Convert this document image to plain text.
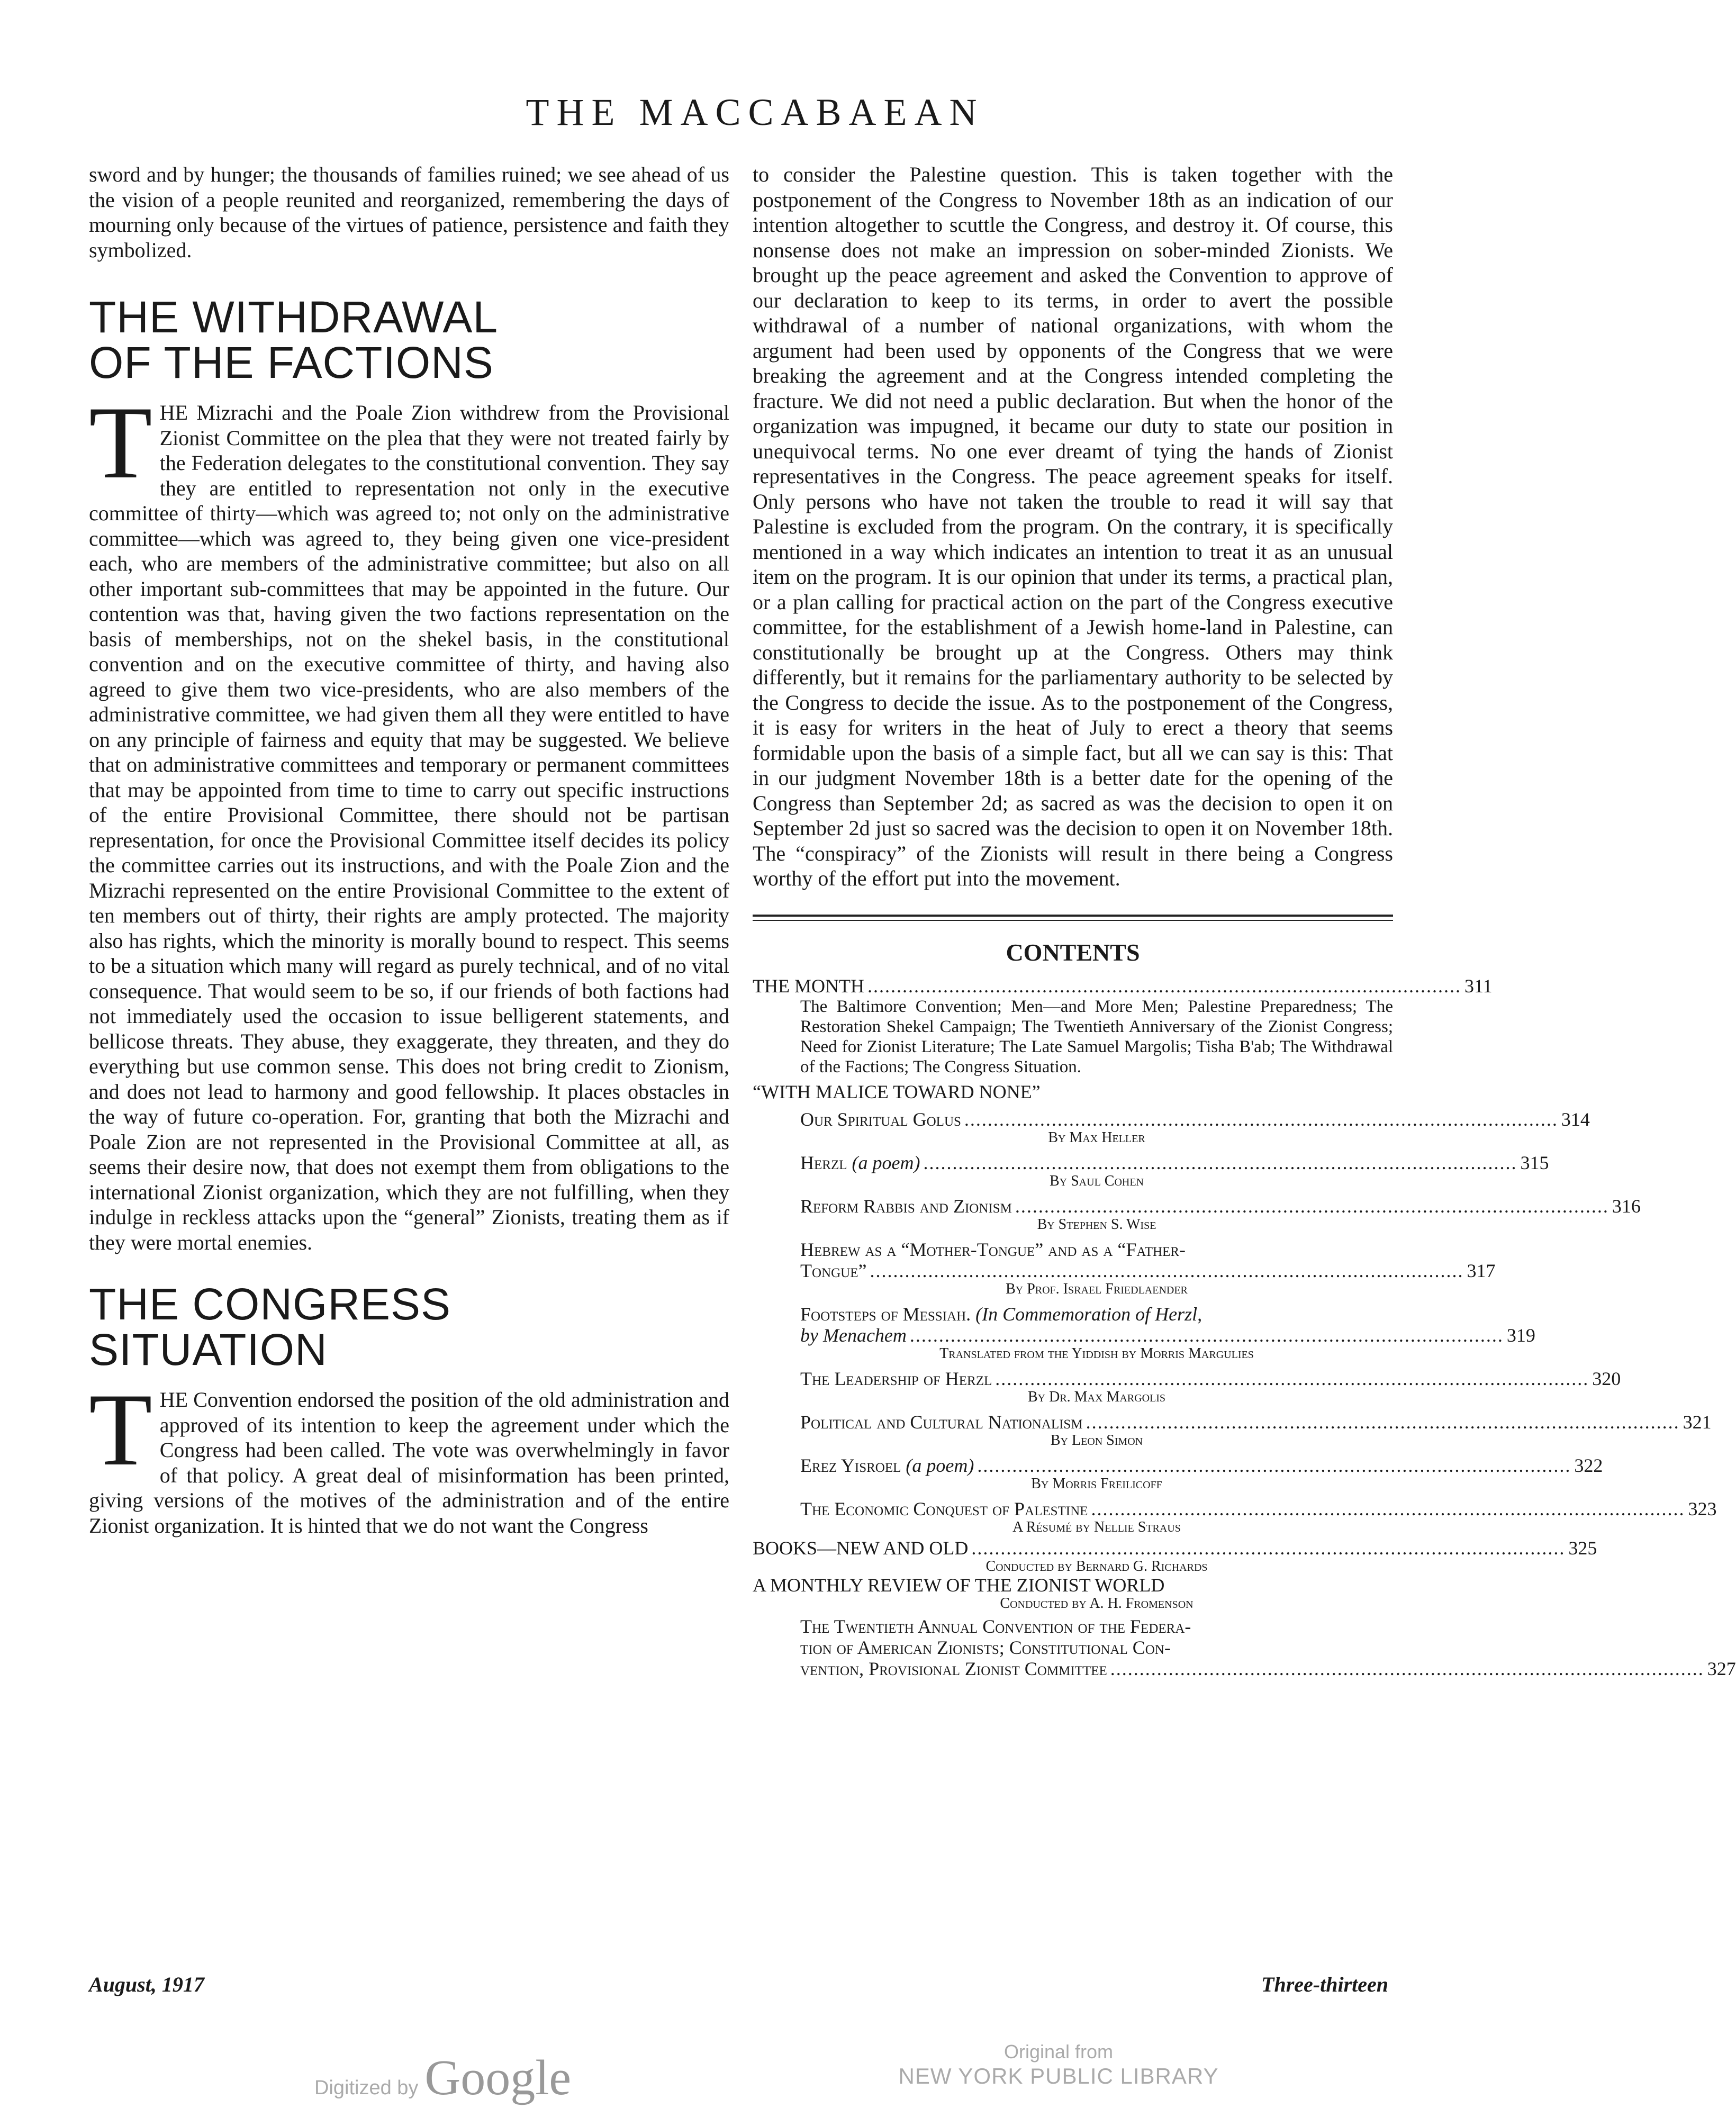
THE MACCABAEAN

sword and by hunger; the thousands of families ruined; we see ahead of us the vision of a people reunited and reorganized, remembering the days of mourning only because of the virtues of patience, persistence and faith they symbolized.

THE WITHDRAWAL
OF THE FACTIONS

THE Mizrachi and the Poale Zion withdrew from the Provisional Zionist Committee on the plea that they were not treated fairly by the Federation delegates to the constitutional convention. They say they are entitled to representation not only in the executive committee of thirty—which was agreed to; not only on the administrative committee—which was agreed to, they being given one vice-president each, who are members of the administrative committee; but also on all other important sub-committees that may be appointed in the future. Our contention was that, having given the two factions representation on the basis of memberships, not on the shekel basis, in the constitutional convention and on the executive committee of thirty, and having also agreed to give them two vice-presidents, who are also members of the administrative committee, we had given them all they were entitled to have on any principle of fairness and equity that may be suggested. We believe that on administrative committees and temporary or permanent committees that may be appointed from time to time to carry out specific instructions of the entire Provisional Committee, there should not be partisan representation, for once the Provisional Committee itself decides its policy the committee carries out its instructions, and with the Poale Zion and the Mizrachi represented on the entire Provisional Committee to the extent of ten members out of thirty, their rights are amply protected. The majority also has rights, which the minority is morally bound to respect. This seems to be a situation which many will regard as purely technical, and of no vital consequence. That would seem to be so, if our friends of both factions had not immediately used the occasion to issue belligerent statements, and bellicose threats. They abuse, they exaggerate, they threaten, and they do everything but use common sense. This does not bring credit to Zionism, and does not lead to harmony and good fellowship. It places obstacles in the way of future co-operation. For, granting that both the Mizrachi and Poale Zion are not represented in the Provisional Committee at all, as seems their desire now, that does not exempt them from obligations to the international Zionist organization, which they are not fulfilling, when they indulge in reckless attacks upon the “general” Zionists, treating them as if they were mortal enemies.

THE CONGRESS
SITUATION

THE Convention endorsed the position of the old administration and approved of its intention to keep the agreement under which the Congress had been called. The vote was overwhelmingly in favor of that policy. A great deal of misinformation has been printed, giving versions of the motives of the administration and of the entire Zionist organization. It is hinted that we do not want the Congress

to consider the Palestine question. This is taken together with the postponement of the Congress to November 18th as an indication of our intention altogether to scuttle the Congress, and destroy it. Of course, this nonsense does not make an impression on sober-minded Zionists. We brought up the peace agreement and asked the Convention to approve of our declaration to keep to its terms, in order to avert the possible withdrawal of a number of national organizations, with whom the argument had been used by opponents of the Congress that we were breaking the agreement and at the Congress intended completing the fracture. We did not need a public declaration. But when the honor of the organization was impugned, it became our duty to state our position in unequivocal terms. No one ever dreamt of tying the hands of Zionist representatives in the Congress. The peace agreement speaks for itself. Only persons who have not taken the trouble to read it will say that Palestine is excluded from the program. On the contrary, it is specifically mentioned in a way which indicates an intention to treat it as an unusual item on the program. It is our opinion that under its terms, a practical plan, or a plan calling for practical action on the part of the Congress executive committee, for the establishment of a Jewish home-land in Palestine, can constitutionally be brought up at the Congress. Others may think differently, but it remains for the parliamentary authority to be selected by the Congress to decide the issue. As to the postponement of the Congress, it is easy for writers in the heat of July to erect a theory that seems formidable upon the basis of a simple fact, but all we can say is this: That in our judgment November 18th is a better date for the opening of the Congress than September 2d; as sacred as was the decision to open it on September 2d just so sacred was the decision to open it on November 18th. The “conspiracy” of the Zionists will result in there being a Congress worthy of the effort put into the movement.

CONTENTS
THE MONTH ...................................................................................................... 311
The Baltimore Convention; Men—and More Men; Palestine Preparedness; The Restoration Shekel Campaign; The Twentieth Anniversary of the Zionist Congress; Need for Zionist Literature; The Late Samuel Margolis; Tisha B'ab; The Withdrawal of the Factions; The Congress Situation.
“WITH MALICE TOWARD NONE”
Our Spiritual Golus ...................................................................................................... 314
By Max Heller
Herzl (a poem) ...................................................................................................... 315
By Saul Cohen
Reform Rabbis and Zionism ...................................................................................................... 316
By Stephen S. Wise
Hebrew as a “Mother-Tongue” and as a “Father-
Tongue” ...................................................................................................... 317
By Prof. Israel Friedlaender
Footsteps of Messiah. (In Commemoration of Herzl,
by Menachem ...................................................................................................... 319
Translated from the Yiddish by Morris Margulies
The Leadership of Herzl ...................................................................................................... 320
By Dr. Max Margolis
Political and Cultural Nationalism ...................................................................................................... 321
By Leon Simon
Erez Yisroel (a poem) ...................................................................................................... 322
By Morris Freilicoff
The Economic Conquest of Palestine ...................................................................................................... 323
A Résumé by Nellie Straus
BOOKS—NEW AND OLD ...................................................................................................... 325
Conducted by Bernard G. Richards
A MONTHLY REVIEW OF THE ZIONIST WORLD
Conducted by A. H. Fromenson
The Twentieth Annual Convention of the Federa-
tion of American Zionists; Constitutional Con-
vention, Provisional Zionist Committee ...................................................................................................... 327
August, 1917	Three-thirteen
Digitized by Google	Original from
NEW YORK PUBLIC LIBRARY
